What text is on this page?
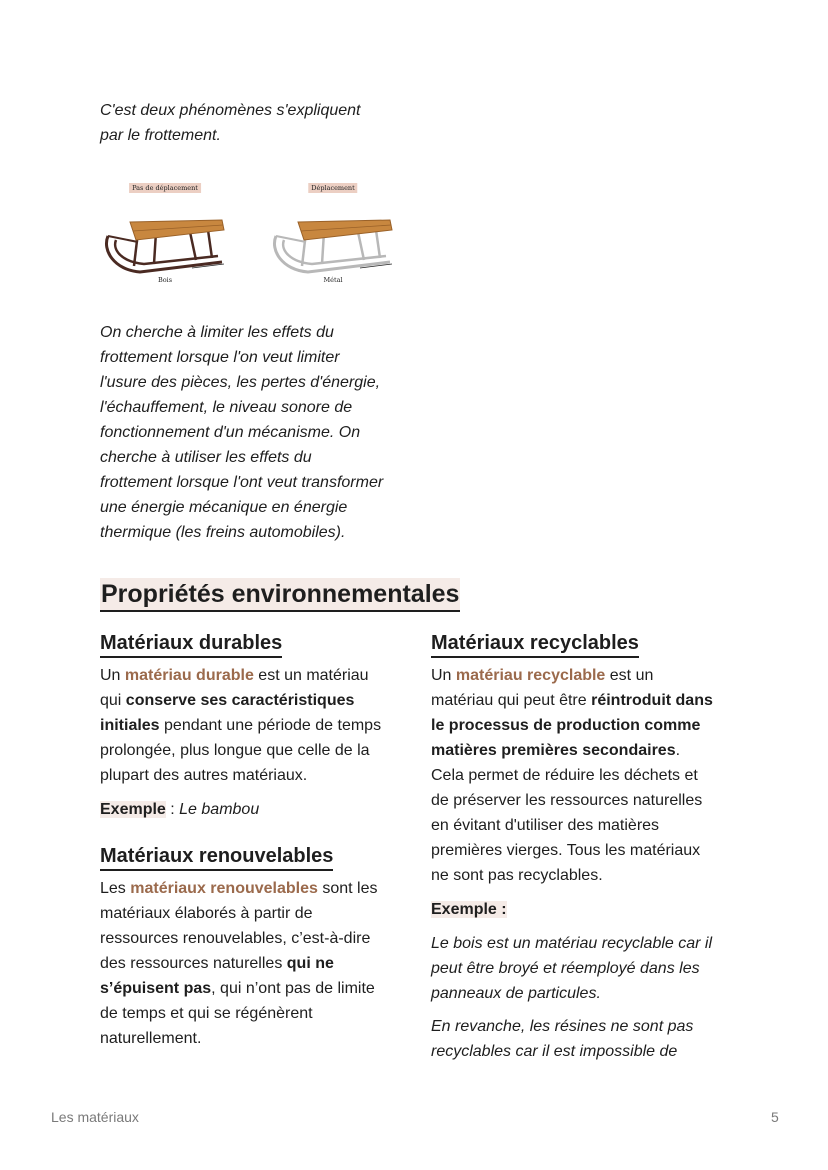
C'est deux phénomènes s'expliquent
par le frottement.

Pas de déplacement
Bois
Déplacement
Métal

On cherche à limiter les effets du
frottement lorsque l'on veut limiter
l'usure des pièces, les pertes d'énergie,
l'échauffement, le niveau sonore de
fonctionnement d'un mécanisme. On
cherche à utiliser les effets du
frottement lorsque l'ont veut transformer
une énergie mécanique en énergie
thermique (les freins automobiles).

Propriétés environnementales
Matériaux durables

Un matériau durable est un matériau
qui conserve ses caractéristiques
initiales pendant une période de temps
prolongée, plus longue que celle de la
plupart des autres matériaux.

Exemple : Le bambou

Matériaux renouvelables

Les matériaux renouvelables sont les
matériaux élaborés à partir de
ressources renouvelables, c’est-à-dire
des ressources naturelles qui ne
s’épuisent pas, qui n’ont pas de limite
de temps et qui se régénèrent
naturellement.

Matériaux recyclables

Un matériau recyclable est un
matériau qui peut être réintroduit dans
le processus de production comme
matières premières secondaires.
Cela permet de réduire les déchets et
de préserver les ressources naturelles
en évitant d'utiliser des matières
premières vierges. Tous les matériaux
ne sont pas recyclables.

Exemple :

Le bois est un matériau recyclable car il
peut être broyé et réemployé dans les
panneaux de particules.

En revanche, les résines ne sont pas
recyclables car il est impossible de

Les matériaux	5
